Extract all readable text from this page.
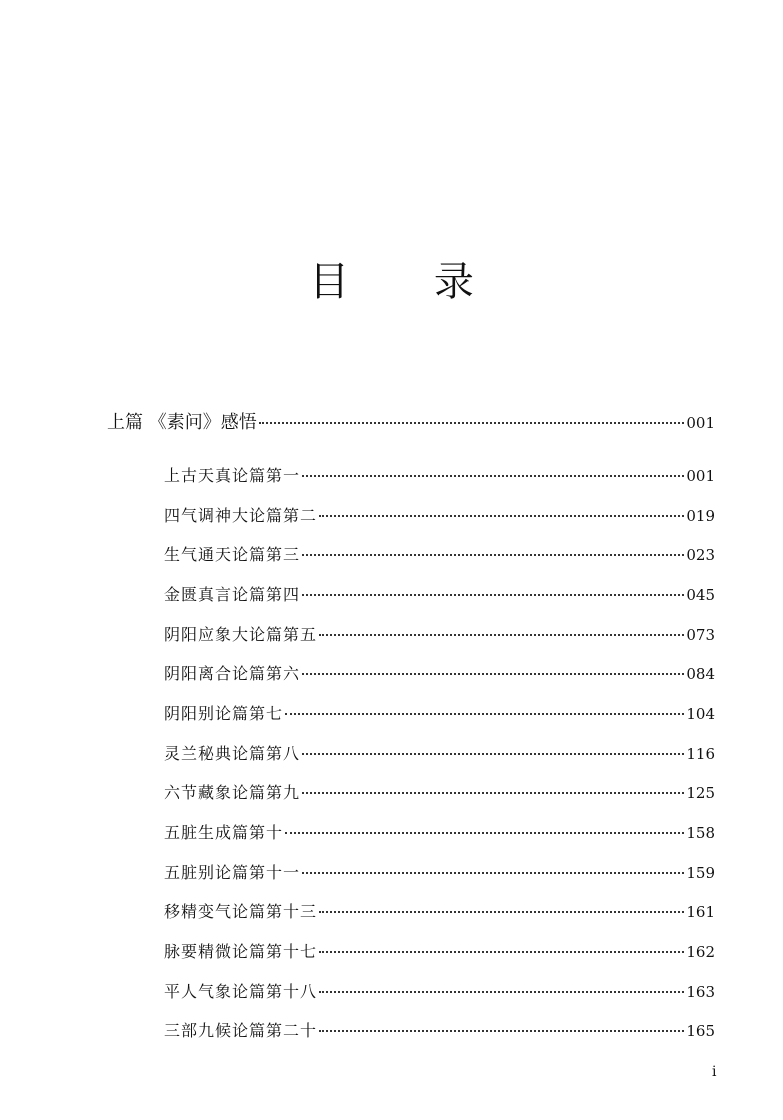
目 录
上篇 《素问》感悟	001
上古天真论篇第一	001
四气调神大论篇第二	019
生气通天论篇第三	023
金匮真言论篇第四	045
阴阳应象大论篇第五	073
阴阳离合论篇第六	084
阴阳别论篇第七	104
灵兰秘典论篇第八	116
六节藏象论篇第九	125
五脏生成篇第十	158
五脏别论篇第十一	159
移精变气论篇第十三	161
脉要精微论篇第十七	162
平人气象论篇第十八	163
三部九候论篇第二十	165
i
